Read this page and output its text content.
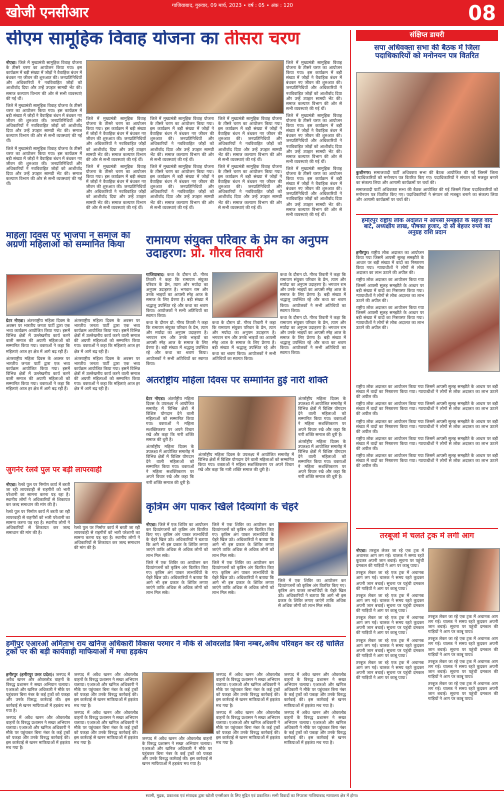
खोजी एनसीआर	गाजियाबाद, गुरुवार, 09 मार्च, 2023 • वर्ष : 05 • अंक : 120	08

सीएम सामूहिक विवाह योजना का तीसरा चरण

नोएडा। जिले में मुख्यमंत्री सामूहिक विवाह योजना के तीसरे चरण का आयोजन किया गया। इस कार्यक्रम में बड़ी संख्या में जोड़ों ने वैवाहिक बंधन में बंधकर नए जीवन की शुरुआत की। जनप्रतिनिधियों और अधिकारियों ने नवविवाहित जोड़ों को आशीर्वाद दिया और उन्हें उपहार सामग्री भेंट की। समाज कल्याण विभाग की ओर से सभी व्यवस्थाएं की गई थीं।

जिले में मुख्यमंत्री सामूहिक विवाह योजना के तीसरे चरण का आयोजन किया गया। इस कार्यक्रम में बड़ी संख्या में जोड़ों ने वैवाहिक बंधन में बंधकर नए जीवन की शुरुआत की। जनप्रतिनिधियों और अधिकारियों ने नवविवाहित जोड़ों को आशीर्वाद दिया और उन्हें उपहार सामग्री भेंट की। समाज कल्याण विभाग की ओर से सभी व्यवस्थाएं की गई थीं।

जिले में मुख्यमंत्री सामूहिक विवाह योजना के तीसरे चरण का आयोजन किया गया। इस कार्यक्रम में बड़ी संख्या में जोड़ों ने वैवाहिक बंधन में बंधकर नए जीवन की शुरुआत की। जनप्रतिनिधियों और अधिकारियों ने नवविवाहित जोड़ों को आशीर्वाद दिया और उन्हें उपहार सामग्री भेंट की। समाज कल्याण विभाग की ओर से सभी व्यवस्थाएं की गई थीं।

जिले में मुख्यमंत्री सामूहिक विवाह योजना के तीसरे चरण का आयोजन किया गया। इस कार्यक्रम में बड़ी संख्या में जोड़ों ने वैवाहिक बंधन में बंधकर नए जीवन की शुरुआत की। जनप्रतिनिधियों और अधिकारियों ने नवविवाहित जोड़ों को आशीर्वाद दिया और उन्हें उपहार सामग्री भेंट की। समाज कल्याण विभाग की ओर से सभी व्यवस्थाएं की गई थीं।

जिले में मुख्यमंत्री सामूहिक विवाह योजना के तीसरे चरण का आयोजन किया गया। इस कार्यक्रम में बड़ी संख्या में जोड़ों ने वैवाहिक बंधन में बंधकर नए जीवन की शुरुआत की। जनप्रतिनिधियों और अधिकारियों ने नवविवाहित जोड़ों को आशीर्वाद दिया और उन्हें उपहार सामग्री भेंट की। समाज कल्याण विभाग की ओर से सभी व्यवस्थाएं की गई थीं।

जिले में मुख्यमंत्री सामूहिक विवाह योजना के तीसरे चरण का आयोजन किया गया। इस कार्यक्रम में बड़ी संख्या में जोड़ों ने वैवाहिक बंधन में बंधकर नए जीवन की शुरुआत की। जनप्रतिनिधियों और अधिकारियों ने नवविवाहित जोड़ों को आशीर्वाद दिया और उन्हें उपहार सामग्री भेंट की। समाज कल्याण विभाग की ओर से सभी व्यवस्थाएं की गई थीं।

जिले में मुख्यमंत्री सामूहिक विवाह योजना के तीसरे चरण का आयोजन किया गया। इस कार्यक्रम में बड़ी संख्या में जोड़ों ने वैवाहिक बंधन में बंधकर नए जीवन की शुरुआत की। जनप्रतिनिधियों और अधिकारियों ने नवविवाहित जोड़ों को आशीर्वाद दिया और उन्हें उपहार सामग्री भेंट की। समाज कल्याण विभाग की ओर से सभी व्यवस्थाएं की गई थीं।

जिले में मुख्यमंत्री सामूहिक विवाह योजना के तीसरे चरण का आयोजन किया गया। इस कार्यक्रम में बड़ी संख्या में जोड़ों ने वैवाहिक बंधन में बंधकर नए जीवन की शुरुआत की। जनप्रतिनिधियों और अधिकारियों ने नवविवाहित जोड़ों को आशीर्वाद दिया और उन्हें उपहार सामग्री भेंट की। समाज कल्याण विभाग की ओर से सभी व्यवस्थाएं की गई थीं।

जिले में मुख्यमंत्री सामूहिक विवाह योजना के तीसरे चरण का आयोजन किया गया। इस कार्यक्रम में बड़ी संख्या में जोड़ों ने वैवाहिक बंधन में बंधकर नए जीवन की शुरुआत की। जनप्रतिनिधियों और अधिकारियों ने नवविवाहित जोड़ों को आशीर्वाद दिया और उन्हें उपहार सामग्री भेंट की। समाज कल्याण विभाग की ओर से सभी व्यवस्थाएं की गई थीं।

जिले में मुख्यमंत्री सामूहिक विवाह योजना के तीसरे चरण का आयोजन किया गया। इस कार्यक्रम में बड़ी संख्या में जोड़ों ने वैवाहिक बंधन में बंधकर नए जीवन की शुरुआत की। जनप्रतिनिधियों और अधिकारियों ने नवविवाहित जोड़ों को आशीर्वाद दिया और उन्हें उपहार सामग्री भेंट की। समाज कल्याण विभाग की ओर से सभी व्यवस्थाएं की गई थीं।

जिले में मुख्यमंत्री सामूहिक विवाह योजना के तीसरे चरण का आयोजन किया गया। इस कार्यक्रम में बड़ी संख्या में जोड़ों ने वैवाहिक बंधन में बंधकर नए जीवन की शुरुआत की। जनप्रतिनिधियों और अधिकारियों ने नवविवाहित जोड़ों को आशीर्वाद दिया और उन्हें उपहार सामग्री भेंट की। समाज कल्याण विभाग की ओर से सभी व्यवस्थाएं की गई थीं।

जिले में मुख्यमंत्री सामूहिक विवाह योजना के तीसरे चरण का आयोजन किया गया। इस कार्यक्रम में बड़ी संख्या में जोड़ों ने वैवाहिक बंधन में बंधकर नए जीवन की शुरुआत की। जनप्रतिनिधियों और अधिकारियों ने नवविवाहित जोड़ों को आशीर्वाद दिया और उन्हें उपहार सामग्री भेंट की। समाज कल्याण विभाग की ओर से सभी व्यवस्थाएं की गई थीं।

महिला दिवस पर भाजपा ने समाज की अग्रणी महिलाओं को सम्मानित किया

ग्रेटर नोएडा। अंतरराष्ट्रीय महिला दिवस के अवसर पर भारतीय जनता पार्टी द्वारा एक भव्य कार्यक्रम आयोजित किया गया। इसमें विभिन्न क्षेत्रों में उल्लेखनीय कार्य करने वाली समाज की अग्रणी महिलाओं को सम्मानित किया गया। वक्ताओं ने कहा कि महिलाएं आज हर क्षेत्र में आगे बढ़ रही हैं।

अंतरराष्ट्रीय महिला दिवस के अवसर पर भारतीय जनता पार्टी द्वारा एक भव्य कार्यक्रम आयोजित किया गया। इसमें विभिन्न क्षेत्रों में उल्लेखनीय कार्य करने वाली समाज की अग्रणी महिलाओं को सम्मानित किया गया। वक्ताओं ने कहा कि महिलाएं आज हर क्षेत्र में आगे बढ़ रही हैं।

अंतरराष्ट्रीय महिला दिवस के अवसर पर भारतीय जनता पार्टी द्वारा एक भव्य कार्यक्रम आयोजित किया गया। इसमें विभिन्न क्षेत्रों में उल्लेखनीय कार्य करने वाली समाज की अग्रणी महिलाओं को सम्मानित किया गया। वक्ताओं ने कहा कि महिलाएं आज हर क्षेत्र में आगे बढ़ रही हैं।

अंतरराष्ट्रीय महिला दिवस के अवसर पर भारतीय जनता पार्टी द्वारा एक भव्य कार्यक्रम आयोजित किया गया। इसमें विभिन्न क्षेत्रों में उल्लेखनीय कार्य करने वाली समाज की अग्रणी महिलाओं को सम्मानित किया गया। वक्ताओं ने कहा कि महिलाएं आज हर क्षेत्र में आगे बढ़ रही हैं।

जुगनेर रेलवे पुल पर बड़ी लापरवाही

नोएडा। रेलवे पुल पर निर्माण कार्य में बरती जा रही लापरवाही से राहगीरों को भारी परेशानी का सामना करना पड़ रहा है। स्थानीय लोगों ने अधिकारियों से शिकायत कर जल्द समाधान की मांग की है।

रेलवे पुल पर निर्माण कार्य में बरती जा रही लापरवाही से राहगीरों को भारी परेशानी का सामना करना पड़ रहा है। स्थानीय लोगों ने अधिकारियों से शिकायत कर जल्द समाधान की मांग की है।

रेलवे पुल पर निर्माण कार्य में बरती जा रही लापरवाही से राहगीरों को भारी परेशानी का सामना करना पड़ रहा है। स्थानीय लोगों ने अधिकारियों से शिकायत कर जल्द समाधान की मांग की है।

रामायण संयुक्त परिवार के प्रेम का अनुपम उदाहरण: प्रो. गौरव तिवारी

गाजियाबाद। कथा के दौरान प्रो. गौरव तिवारी ने कहा कि रामायण संयुक्त परिवार के प्रेम, त्याग और मर्यादा का अनुपम उदाहरण है। भगवान राम और उनके भाइयों का आपसी स्नेह आज के समाज के लिए प्रेरणा है। बड़ी संख्या में श्रद्धालु उपस्थित रहे और कथा का श्रवण किया। आयोजकों ने सभी अतिथियों का स्वागत किया।

कथा के दौरान प्रो. गौरव तिवारी ने कहा कि रामायण संयुक्त परिवार के प्रेम, त्याग और मर्यादा का अनुपम उदाहरण है। भगवान राम और उनके भाइयों का आपसी स्नेह आज के समाज के लिए प्रेरणा है। बड़ी संख्या में श्रद्धालु उपस्थित रहे और कथा का श्रवण किया। आयोजकों ने सभी अतिथियों का स्वागत किया।

कथा के दौरान प्रो. गौरव तिवारी ने कहा कि रामायण संयुक्त परिवार के प्रेम, त्याग और मर्यादा का अनुपम उदाहरण है। भगवान राम और उनके भाइयों का आपसी स्नेह आज के समाज के लिए प्रेरणा है। बड़ी संख्या में श्रद्धालु उपस्थित रहे और कथा का श्रवण किया। आयोजकों ने सभी अतिथियों का स्वागत किया।

कथा के दौरान प्रो. गौरव तिवारी ने कहा कि रामायण संयुक्त परिवार के प्रेम, त्याग और मर्यादा का अनुपम उदाहरण है। भगवान राम और उनके भाइयों का आपसी स्नेह आज के समाज के लिए प्रेरणा है। बड़ी संख्या में श्रद्धालु उपस्थित रहे और कथा का श्रवण किया। आयोजकों ने सभी अतिथियों का स्वागत किया।

कथा के दौरान प्रो. गौरव तिवारी ने कहा कि रामायण संयुक्त परिवार के प्रेम, त्याग और मर्यादा का अनुपम उदाहरण है। भगवान राम और उनके भाइयों का आपसी स्नेह आज के समाज के लिए प्रेरणा है। बड़ी संख्या में श्रद्धालु उपस्थित रहे और कथा का श्रवण किया। आयोजकों ने सभी अतिथियों का स्वागत किया।

अंतर्राष्ट्रीय महिला दिवस पर सम्मानित हुई नारी शक्ति

ग्रेटर नोएडा। अंतर्राष्ट्रीय महिला दिवस के उपलक्ष्य में आयोजित समारोह में विभिन्न क्षेत्रों में विशिष्ट योगदान देने वाली महिलाओं को सम्मानित किया गया। वक्ताओं ने महिला सशक्तिकरण पर अपने विचार रखे और कहा कि नारी शक्ति समाज की धुरी है।

अंतर्राष्ट्रीय महिला दिवस के उपलक्ष्य में आयोजित समारोह में विभिन्न क्षेत्रों में विशिष्ट योगदान देने वाली महिलाओं को सम्मानित किया गया। वक्ताओं ने महिला सशक्तिकरण पर अपने विचार रखे और कहा कि नारी शक्ति समाज की धुरी है।

अंतर्राष्ट्रीय महिला दिवस के उपलक्ष्य में आयोजित समारोह में विभिन्न क्षेत्रों में विशिष्ट योगदान देने वाली महिलाओं को सम्मानित किया गया। वक्ताओं ने महिला सशक्तिकरण पर अपने विचार रखे और कहा कि नारी शक्ति समाज की धुरी है।

अंतर्राष्ट्रीय महिला दिवस के उपलक्ष्य में आयोजित समारोह में विभिन्न क्षेत्रों में विशिष्ट योगदान देने वाली महिलाओं को सम्मानित किया गया। वक्ताओं ने महिला सशक्तिकरण पर अपने विचार रखे और कहा कि नारी शक्ति समाज की धुरी है।

अंतर्राष्ट्रीय महिला दिवस के उपलक्ष्य में आयोजित समारोह में विभिन्न क्षेत्रों में विशिष्ट योगदान देने वाली महिलाओं को सम्मानित किया गया। वक्ताओं ने महिला सशक्तिकरण पर अपने विचार रखे और कहा कि नारी शक्ति समाज की धुरी है।

कृत्रिम अंग पाकर खिले दिव्यांगों के चेहरे

नोएडा। जिले में एक शिविर का आयोजन कर दिव्यांगजनों को कृत्रिम अंग वितरित किए गए। कृत्रिम अंग पाकर लाभार्थियों के चेहरे खिल उठे। अधिकारियों ने बताया कि आगे भी इस प्रकार के शिविर लगाए जाएंगे ताकि अधिक से अधिक लोगों को लाभ मिल सके।

जिले में एक शिविर का आयोजन कर दिव्यांगजनों को कृत्रिम अंग वितरित किए गए। कृत्रिम अंग पाकर लाभार्थियों के चेहरे खिल उठे। अधिकारियों ने बताया कि आगे भी इस प्रकार के शिविर लगाए जाएंगे ताकि अधिक से अधिक लोगों को लाभ मिल सके।

जिले में एक शिविर का आयोजन कर दिव्यांगजनों को कृत्रिम अंग वितरित किए गए। कृत्रिम अंग पाकर लाभार्थियों के चेहरे खिल उठे। अधिकारियों ने बताया कि आगे भी इस प्रकार के शिविर लगाए जाएंगे ताकि अधिक से अधिक लोगों को लाभ मिल सके।

जिले में एक शिविर का आयोजन कर दिव्यांगजनों को कृत्रिम अंग वितरित किए गए। कृत्रिम अंग पाकर लाभार्थियों के चेहरे खिल उठे। अधिकारियों ने बताया कि आगे भी इस प्रकार के शिविर लगाए जाएंगे ताकि अधिक से अधिक लोगों को लाभ मिल सके।

जिले में एक शिविर का आयोजन कर दिव्यांगजनों को कृत्रिम अंग वितरित किए गए। कृत्रिम अंग पाकर लाभार्थियों के चेहरे खिल उठे। अधिकारियों ने बताया कि आगे भी इस प्रकार के शिविर लगाए जाएंगे ताकि अधिक से अधिक लोगों को लाभ मिल सके।

हमीपुर एआरओ अमिताभ राय खनिज अधिकारी विकास परमार ने मौके से ओवरलोड बिना नम्बर,अवैध परिवहन कर रहे चालित ट्रकों पर की बड़ी कार्यवाही माफियाओं में मचा हड़कंप

हमीरपुर (हमीरपुर उत्तर प्रदेश)। जनपद में अवैध खनन और ओवरलोड वाहनों के विरुद्ध प्रशासन ने सख्त अभियान चलाया। एआरओ और खनिज अधिकारी ने मौके पर पहुंचकर बिना नंबर के कई ट्रकों को पकड़ा और उनके विरुद्ध कार्रवाई की। इस कार्रवाई से खनन माफियाओं में हड़कंप मच गया है।

जनपद में अवैध खनन और ओवरलोड वाहनों के विरुद्ध प्रशासन ने सख्त अभियान चलाया। एआरओ और खनिज अधिकारी ने मौके पर पहुंचकर बिना नंबर के कई ट्रकों को पकड़ा और उनके विरुद्ध कार्रवाई की। इस कार्रवाई से खनन माफियाओं में हड़कंप मच गया है।

जनपद में अवैध खनन और ओवरलोड वाहनों के विरुद्ध प्रशासन ने सख्त अभियान चलाया। एआरओ और खनिज अधिकारी ने मौके पर पहुंचकर बिना नंबर के कई ट्रकों को पकड़ा और उनके विरुद्ध कार्रवाई की। इस कार्रवाई से खनन माफियाओं में हड़कंप मच गया है।

जनपद में अवैध खनन और ओवरलोड वाहनों के विरुद्ध प्रशासन ने सख्त अभियान चलाया। एआरओ और खनिज अधिकारी ने मौके पर पहुंचकर बिना नंबर के कई ट्रकों को पकड़ा और उनके विरुद्ध कार्रवाई की। इस कार्रवाई से खनन माफियाओं में हड़कंप मच गया है।

जनपद में अवैध खनन और ओवरलोड वाहनों के विरुद्ध प्रशासन ने सख्त अभियान चलाया। एआरओ और खनिज अधिकारी ने मौके पर पहुंचकर बिना नंबर के कई ट्रकों को पकड़ा और उनके विरुद्ध कार्रवाई की। इस कार्रवाई से खनन माफियाओं में हड़कंप मच गया है।

जनपद में अवैध खनन और ओवरलोड वाहनों के विरुद्ध प्रशासन ने सख्त अभियान चलाया। एआरओ और खनिज अधिकारी ने मौके पर पहुंचकर बिना नंबर के कई ट्रकों को पकड़ा और उनके विरुद्ध कार्रवाई की। इस कार्रवाई से खनन माफियाओं में हड़कंप मच गया है।

जनपद में अवैध खनन और ओवरलोड वाहनों के विरुद्ध प्रशासन ने सख्त अभियान चलाया। एआरओ और खनिज अधिकारी ने मौके पर पहुंचकर बिना नंबर के कई ट्रकों को पकड़ा और उनके विरुद्ध कार्रवाई की। इस कार्रवाई से खनन माफियाओं में हड़कंप मच गया है।

जनपद में अवैध खनन और ओवरलोड वाहनों के विरुद्ध प्रशासन ने सख्त अभियान चलाया। एआरओ और खनिज अधिकारी ने मौके पर पहुंचकर बिना नंबर के कई ट्रकों को पकड़ा और उनके विरुद्ध कार्रवाई की। इस कार्रवाई से खनन माफियाओं में हड़कंप मच गया है।

जनपद में अवैध खनन और ओवरलोड वाहनों के विरुद्ध प्रशासन ने सख्त अभियान चलाया। एआरओ और खनिज अधिकारी ने मौके पर पहुंचकर बिना नंबर के कई ट्रकों को पकड़ा और उनके विरुद्ध कार्रवाई की। इस कार्रवाई से खनन माफियाओं में हड़कंप मच गया है।

संक्षिप्त डायरी

सपा अधिवक्ता सभा की बैठक में जिला पदाधिकारियों को मनोनयन पत्र वितरित

कुशीनगर। समाजवादी पार्टी अधिवक्ता सभा की बैठक आयोजित की गई जिसमें जिला पदाधिकारियों को मनोनयन पत्र वितरित किए गए। पदाधिकारियों ने संगठन को मजबूत बनाने का संकल्प लिया और आगामी कार्यक्रमों पर चर्चा की।

समाजवादी पार्टी अधिवक्ता सभा की बैठक आयोजित की गई जिसमें जिला पदाधिकारियों को मनोनयन पत्र वितरित किए गए। पदाधिकारियों ने संगठन को मजबूत बनाने का संकल्प लिया और आगामी कार्यक्रमों पर चर्चा की।

हमीरपुर राष्ट्रीय लोक अदालत में आपसी समझौते के सहज वाद बाटे, अध्यक्षीय लाख, पौषक्त हजार, दो सौ बेहत्तर रुपये का अनुग्रह राशि प्रदान

हमीरपुर। राष्ट्रीय लोक अदालत का आयोजन किया गया जिसमें आपसी सुलह समझौते के आधार पर बड़ी संख्या में वादों का निस्तारण किया गया। न्यायाधीशों ने लोगों से लोक अदालत का लाभ उठाने की अपील की।

राष्ट्रीय लोक अदालत का आयोजन किया गया जिसमें आपसी सुलह समझौते के आधार पर बड़ी संख्या में वादों का निस्तारण किया गया। न्यायाधीशों ने लोगों से लोक अदालत का लाभ उठाने की अपील की।

राष्ट्रीय लोक अदालत का आयोजन किया गया जिसमें आपसी सुलह समझौते के आधार पर बड़ी संख्या में वादों का निस्तारण किया गया। न्यायाधीशों ने लोगों से लोक अदालत का लाभ उठाने की अपील की।

राष्ट्रीय लोक अदालत का आयोजन किया गया जिसमें आपसी सुलह समझौते के आधार पर बड़ी संख्या में वादों का निस्तारण किया गया। न्यायाधीशों ने लोगों से लोक अदालत का लाभ उठाने की अपील की।

राष्ट्रीय लोक अदालत का आयोजन किया गया जिसमें आपसी सुलह समझौते के आधार पर बड़ी संख्या में वादों का निस्तारण किया गया। न्यायाधीशों ने लोगों से लोक अदालत का लाभ उठाने की अपील की।

राष्ट्रीय लोक अदालत का आयोजन किया गया जिसमें आपसी सुलह समझौते के आधार पर बड़ी संख्या में वादों का निस्तारण किया गया। न्यायाधीशों ने लोगों से लोक अदालत का लाभ उठाने की अपील की।

राष्ट्रीय लोक अदालत का आयोजन किया गया जिसमें आपसी सुलह समझौते के आधार पर बड़ी संख्या में वादों का निस्तारण किया गया। न्यायाधीशों ने लोगों से लोक अदालत का लाभ उठाने की अपील की।

राष्ट्रीय लोक अदालत का आयोजन किया गया जिसमें आपसी सुलह समझौते के आधार पर बड़ी संख्या में वादों का निस्तारण किया गया। न्यायाधीशों ने लोगों से लोक अदालत का लाभ उठाने की अपील की।

तरबूजों में चलते ट्रक में लगी आग

नोएडा। तरबूज लेकर जा रहे एक ट्रक में अचानक आग लग गई। चालक ने समय रहते कूदकर अपनी जान बचाई। सूचना पर पहुंची दमकल की गाड़ियों ने आग पर काबू पाया।

तरबूज लेकर जा रहे एक ट्रक में अचानक आग लग गई। चालक ने समय रहते कूदकर अपनी जान बचाई। सूचना पर पहुंची दमकल की गाड़ियों ने आग पर काबू पाया।

तरबूज लेकर जा रहे एक ट्रक में अचानक आग लग गई। चालक ने समय रहते कूदकर अपनी जान बचाई। सूचना पर पहुंची दमकल की गाड़ियों ने आग पर काबू पाया।

तरबूज लेकर जा रहे एक ट्रक में अचानक आग लग गई। चालक ने समय रहते कूदकर अपनी जान बचाई। सूचना पर पहुंची दमकल की गाड़ियों ने आग पर काबू पाया।

तरबूज लेकर जा रहे एक ट्रक में अचानक आग लग गई। चालक ने समय रहते कूदकर अपनी जान बचाई। सूचना पर पहुंची दमकल की गाड़ियों ने आग पर काबू पाया।

तरबूज लेकर जा रहे एक ट्रक में अचानक आग लग गई। चालक ने समय रहते कूदकर अपनी जान बचाई। सूचना पर पहुंची दमकल की गाड़ियों ने आग पर काबू पाया।

तरबूज लेकर जा रहे एक ट्रक में अचानक आग लग गई। चालक ने समय रहते कूदकर अपनी जान बचाई। सूचना पर पहुंची दमकल की गाड़ियों ने आग पर काबू पाया।

तरबूज लेकर जा रहे एक ट्रक में अचानक आग लग गई। चालक ने समय रहते कूदकर अपनी जान बचाई। सूचना पर पहुंची दमकल की गाड़ियों ने आग पर काबू पाया।

तरबूज लेकर जा रहे एक ट्रक में अचानक आग लग गई। चालक ने समय रहते कूदकर अपनी जान बचाई। सूचना पर पहुंची दमकल की गाड़ियों ने आग पर काबू पाया।

तरबूज लेकर जा रहे एक ट्रक में अचानक आग लग गई। चालक ने समय रहते कूदकर अपनी जान बचाई। सूचना पर पहुंची दमकल की गाड़ियों ने आग पर काबू पाया।

स्वामी, मुद्रक, प्रकाशक एवं संपादक द्वारा खोजी एनसीआर के लिए मुद्रित एवं प्रकाशित। सभी विवादों का निपटारा गाजियाबाद न्यायालय क्षेत्र में होगा।
